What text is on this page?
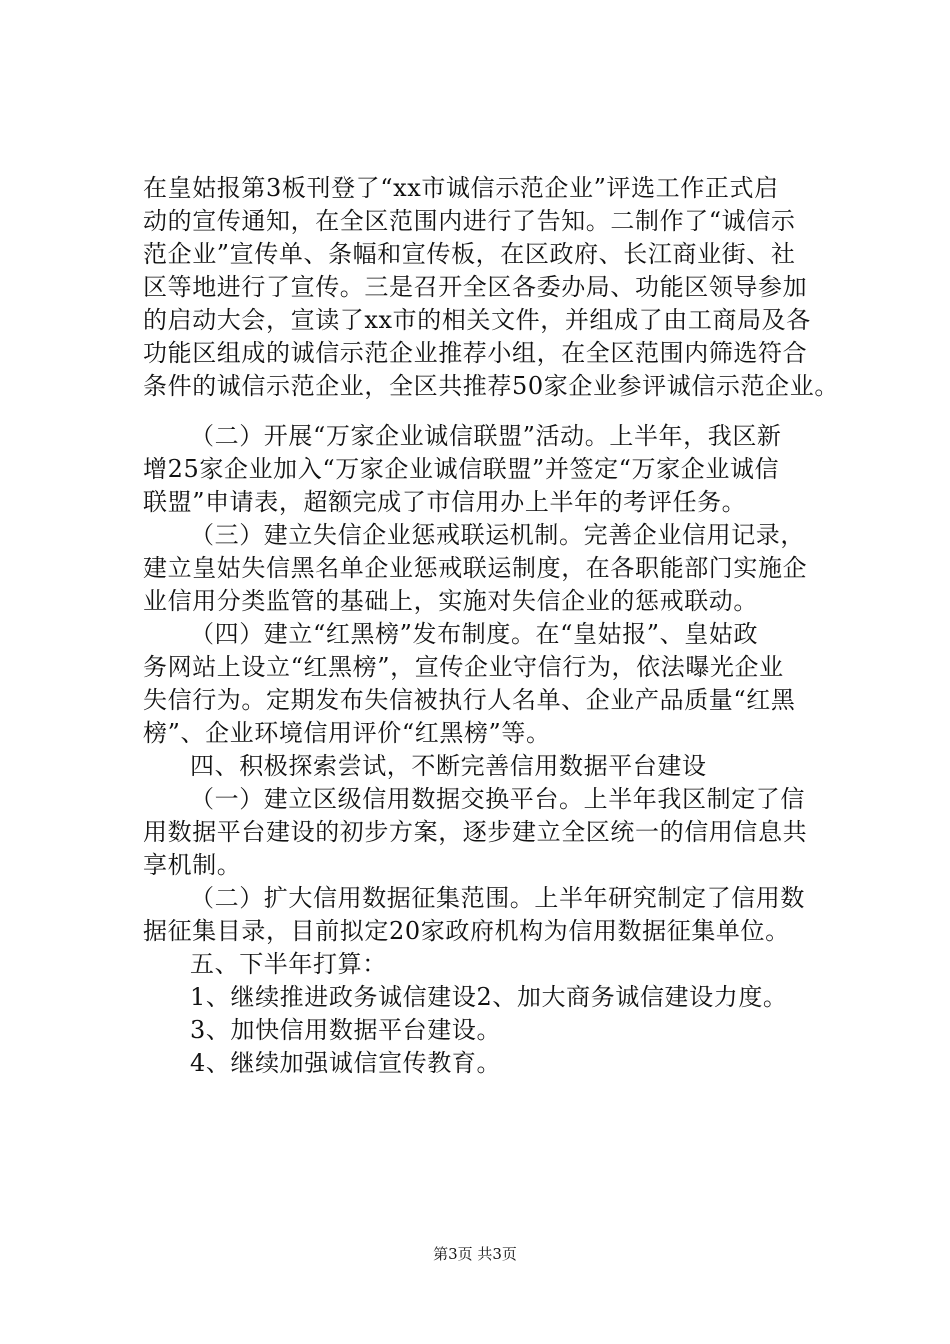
在皇姑报第3板刊登了“xx市诚信示范企业”评选工作正式启
动的宣传通知，在全区范围内进行了告知。二制作了“诚信示
范企业”宣传单、条幅和宣传板，在区政府、长江商业街、社
区等地进行了宣传。三是召开全区各委办局、功能区领导参加
的启动大会，宣读了xx市的相关文件，并组成了由工商局及各
功能区组成的诚信示范企业推荐小组，在全区范围内筛选符合
条件的诚信示范企业，全区共推荐50家企业参评诚信示范企业。
（二）开展“万家企业诚信联盟”活动。上半年，我区新
增25家企业加入“万家企业诚信联盟”并签定“万家企业诚信
联盟”申请表，超额完成了市信用办上半年的考评任务。
（三）建立失信企业惩戒联运机制。完善企业信用记录，
建立皇姑失信黑名单企业惩戒联运制度，在各职能部门实施企
业信用分类监管的基础上，实施对失信企业的惩戒联动。
（四）建立“红黑榜”发布制度。在“皇姑报”、皇姑政
务网站上设立“红黑榜”，宣传企业守信行为，依法曝光企业
失信行为。定期发布失信被执行人名单、企业产品质量“红黑
榜”、企业环境信用评价“红黑榜”等。
四、积极探索尝试，不断完善信用数据平台建设
（一）建立区级信用数据交换平台。上半年我区制定了信
用数据平台建设的初步方案，逐步建立全区统一的信用信息共
享机制。
（二）扩大信用数据征集范围。上半年研究制定了信用数
据征集目录，目前拟定20家政府机构为信用数据征集单位。
五、下半年打算：
1、继续推进政务诚信建设2、加大商务诚信建设力度。
3、加快信用数据平台建设。
4、继续加强诚信宣传教育。
第3页 共3页
